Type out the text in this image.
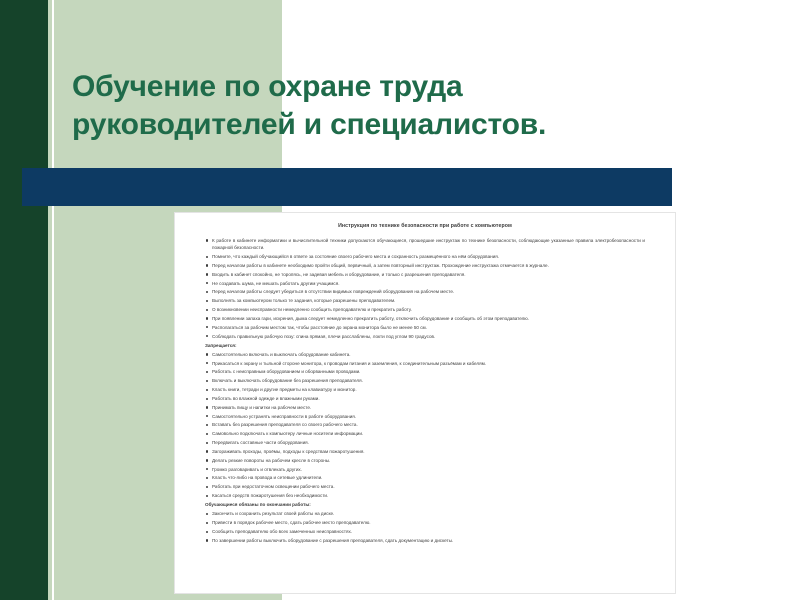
Обучение по охране труда
руководителей и специалистов.
Инструкция по технике безопасности при работе с компьютером
К работе в кабинете информатики и вычислительной техники допускаются обучающиеся, прошедшие инструктаж по технике безопасности, соблюдающие указанные правила электробезопасности и пожарной безопасности.
Помните, что каждый обучающийся в ответе за состояние своего рабочего места и сохранность размещённого на нём оборудования.
Перед началом работы в кабинете необходимо пройти общий, первичный, а затем повторный инструктаж. Прохождение инструктажа отмечается в журнале.
Входить в кабинет спокойно, не торопясь, не задевая мебель и оборудование, и только с разрешения преподавателя.
Не создавать шума, не мешать работать другим учащимся.
Перед началом работы следует убедиться в отсутствии видимых повреждений оборудования на рабочем месте.
Выполнять за компьютером только те задания, которые разрешены преподавателем.
О возникновении неисправности немедленно сообщить преподавателю и прекратить работу.
При появлении запаха гари, искрения, дыма следует немедленно прекратить работу, отключить оборудование и сообщить об этом преподавателю.
Располагаться за рабочим местом так, чтобы расстояние до экрана монитора было не менее 50 см.
Соблюдать правильную рабочую позу: спина прямая, плечи расслаблены, локти под углом 90 градусов.
Запрещается:
Самостоятельно включать и выключать оборудование кабинета.
Прикасаться к экрану и тыльной стороне монитора, к проводам питания и заземления, к соединительным разъёмам и кабелям.
Работать с неисправным оборудованием и оборванными проводами.
Включать и выключать оборудование без разрешения преподавателя.
Класть книги, тетради и другие предметы на клавиатуру и монитор.
Работать во влажной одежде и влажными руками.
Принимать пищу и напитки на рабочем месте.
Самостоятельно устранять неисправности в работе оборудования.
Вставать без разрешения преподавателя со своего рабочего места.
Самовольно подключать к компьютеру личные носители информации.
Передвигать составные части оборудования.
Загораживать проходы, проёмы, подходы к средствам пожаротушения.
Делать резкие повороты на рабочем кресле в стороны.
Громко разговаривать и отвлекать других.
Класть что-либо на провода и сетевые удлинители.
Работать при недостаточном освещении рабочего места.
Касаться средств пожаротушения без необходимости.
Обучающиеся обязаны по окончании работы:
Закончить и сохранить результат своей работы на диске.
Привести в порядок рабочее место, сдать рабочее место преподавателю.
Сообщить преподавателю обо всех замеченных неисправностях.
По завершении работы выключить оборудование с разрешения преподавателя, сдать документацию и дискеты.
